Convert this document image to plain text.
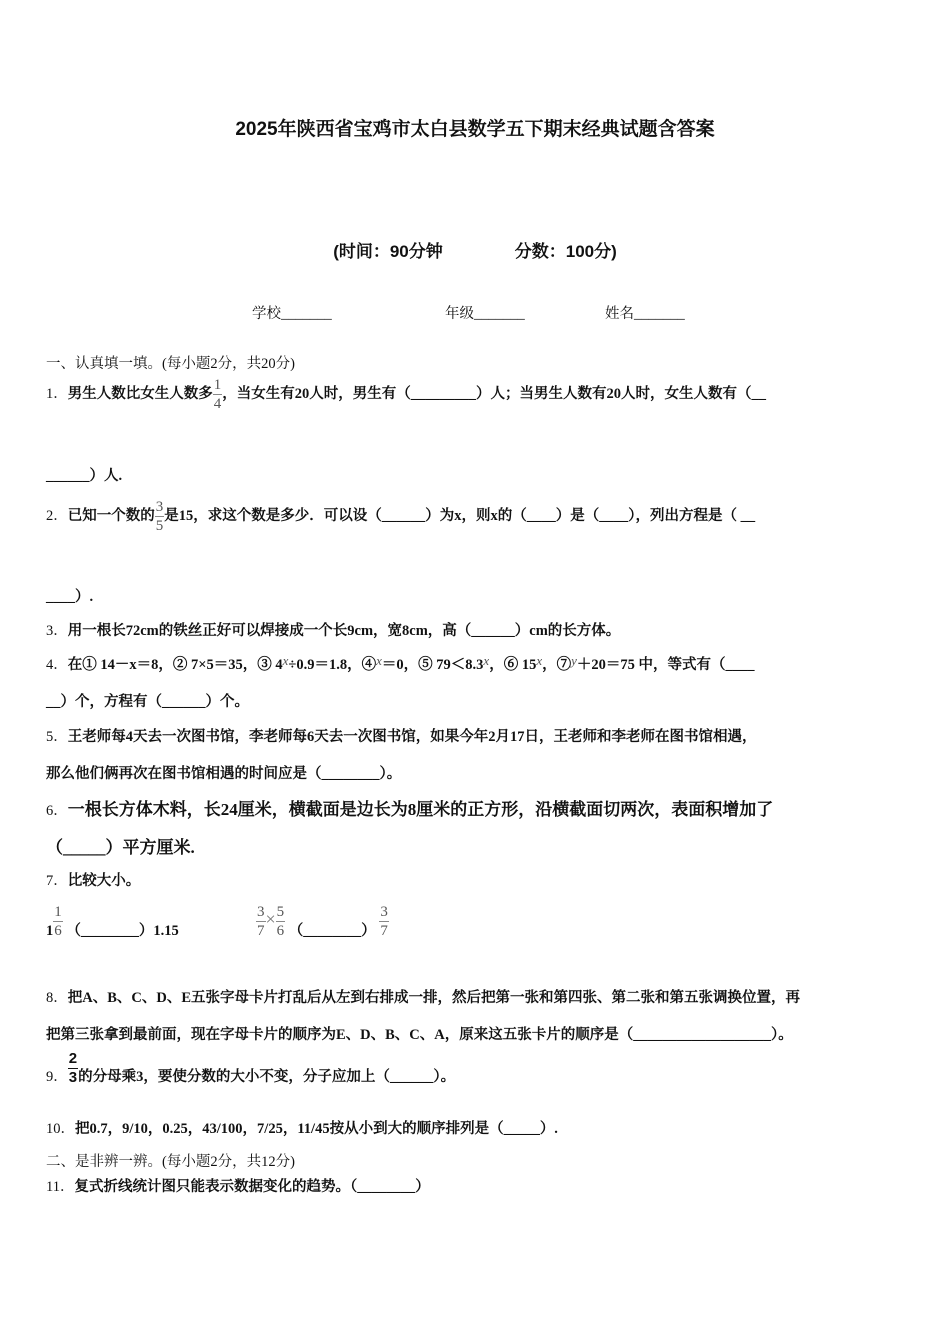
2025年陕西省宝鸡市太白县数学五下期末经典试题含答案
(时间：90分钟	分数：100分)
学校_______	年级_______	姓名_______
一、认真填一填。(每小题2分，共20分)
1．男生人数比女生人数多 $\frac{1}{4}$ ，当女生有20人时，男生有（_________）人；当男生人数有20人时，女生人数有（__
______）人.
2．已知一个数的 $\frac{3}{5}$ 是15，求这个数是多少．可以设（______）为x，则x的（____）是（____），列出方程是（ __
____）.
3．用一根长72cm的铁丝正好可以焊接成一个长9cm，宽8cm，高（______）cm的长方体。
4．在① 14－x＝8，② 7×5＝35，③ 4x÷0.9＝1.8，④x＝0，⑤ 79＜8.3x，⑥ 15x，⑦y＋20＝75 中，等式有（____
__）个，方程有（______）个。
5．王老师每4天去一次图书馆，李老师每6天去一次图书馆，如果今年2月17日，王老师和李老师在图书馆相遇，
那么他们俩再次在图书馆相遇的时间应是（________）。
6．一根长方体木料，长24厘米，横截面是边长为8厘米的正方形，沿横截面切两次，表面积增加了
（_____）平方厘米.
7．比较大小。
$1 \frac{1}{6}$ （________）1.15	$\frac{3}{7} \times \frac{5}{6}$ （________） $\frac{3}{7}$
8．把A、B、C、D、E五张字母卡片打乱后从左到右排成一排，然后把第一张和第四张、第二张和第五张调换位置，再
把第三张拿到最前面，现在字母卡片的顺序为E、D、B、C、A，原来这五张卡片的顺序是（___________________）。
9． $\frac{2}{3}$ 的分母乘3，要使分数的大小不变，分子应加上（______）。
10．把0.7，9/10，0.25，43/100，7/25，11/45按从小到大的顺序排列是（_____）.
二、是非辨一辨。(每小题2分，共12分)
11．复式折线统计图只能表示数据变化的趋势。（________）
